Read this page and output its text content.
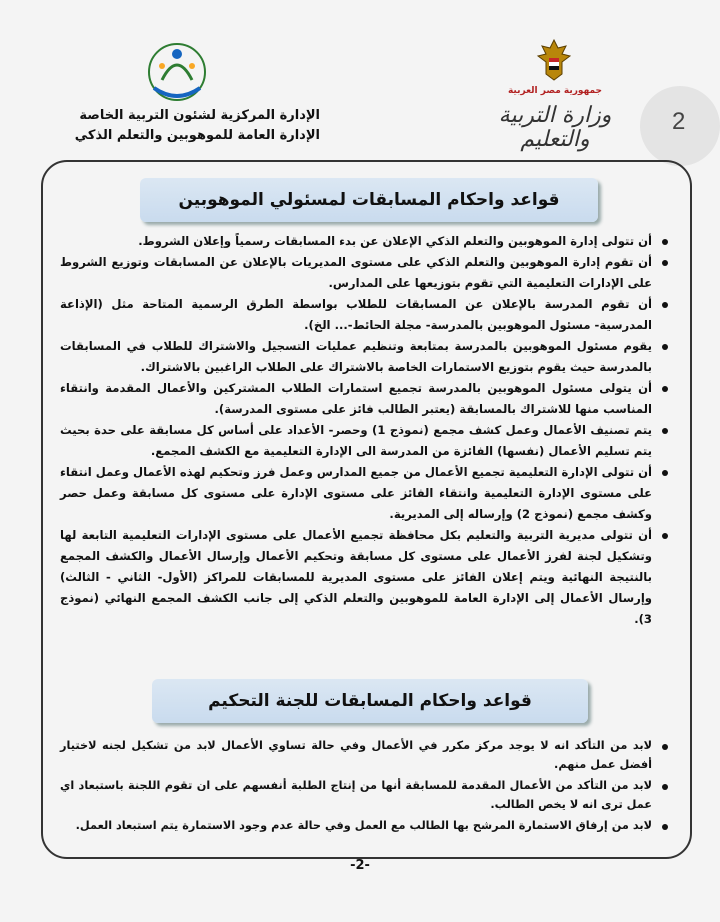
2
جمهورية مصر العربية
وزارة التربية والتعليم
الإدارة المركزية لشئون التربية الخاصة
الإدارة العامة للموهوبين والتعلم الذكي
قواعد واحكام المسابقات لمسئولي الموهوبين
أن تتولى إدارة الموهوبين والتعلم الذكي الإعلان عن بدء المسابقات رسمياً وإعلان الشروط.
أن تقوم إدارة الموهوبين والتعلم الذكي على مستوى المديريات بالإعلان عن المسابقات وتوزيع الشروط على الإدارات التعليمية التي تقوم بتوزيعها على المدارس.
أن تقوم المدرسة بالإعلان عن المسابقات للطلاب بواسطة الطرق الرسمية المتاحة مثل (الإذاعة المدرسية- مسئول الموهوبين بالمدرسة- مجلة الحائط-... الخ).
يقوم مسئول الموهوبين بالمدرسة بمتابعة وتنظيم عمليات التسجيل والاشتراك للطلاب في المسابقات بالمدرسة حيث يقوم بتوزيع الاستمارات الخاصة بالاشتراك على الطلاب الراغبين بالاشتراك.
أن يتولى مسئول الموهوبين بالمدرسة تجميع استمارات الطلاب المشتركين والأعمال المقدمة وانتقاء المناسب منها للاشتراك بالمسابقة (يعتبر الطالب فائز على مستوى المدرسة).
يتم تصنيف الأعمال وعمل كشف مجمع (نموذج 1) وحصر- الأعداد على أساس كل مسابقة على حدة بحيث يتم تسليم الأعمال (نفسها) الفائزة من المدرسة الى الإدارة التعليمية مع الكشف المجمع.
أن تتولى الإدارة التعليمية تجميع الأعمال من جميع المدارس وعمل فرز وتحكيم لهذه الأعمال وعمل انتقاء على مستوى الإدارة التعليمية وانتقاء الفائز على مستوى الإدارة على مستوى كل مسابقة وعمل حصر وكشف مجمع (نموذج 2) وإرساله إلى المديرية.
أن تتولى مديرية التربية والتعليم بكل محافظة تجميع الأعمال على مستوى الإدارات التعليمية التابعة لها وتشكيل لجنة لفرز الأعمال على مستوى كل مسابقة وتحكيم الأعمال وإرسال الأعمال والكشف المجمع بالنتيجة النهائية ويتم إعلان الفائز على مستوى المديرية للمسابقات للمراكز (الأول- الثاني - الثالث) وإرسال الأعمال إلى الإدارة العامة للموهوبين والتعلم الذكي إلى جانب الكشف المجمع النهائي (نموذج 3).
قواعد واحكام المسابقات للجنة التحكيم
لابد من التأكد انه لا يوجد مركز مكرر في الأعمال وفي حالة تساوي الأعمال لابد من تشكيل لجنه لاختيار أفضل عمل منهم.
لابد من التأكد من الأعمال المقدمة للمسابقة أنها من إنتاج الطلبة أنفسهم على ان تقوم اللجنة باستبعاد اي عمل ترى انه لا يخص الطالب.
لابد من إرفاق الاستمارة المرشح بها الطالب مع العمل وفي حالة عدم وجود الاستمارة يتم استبعاد العمل.
-2-
